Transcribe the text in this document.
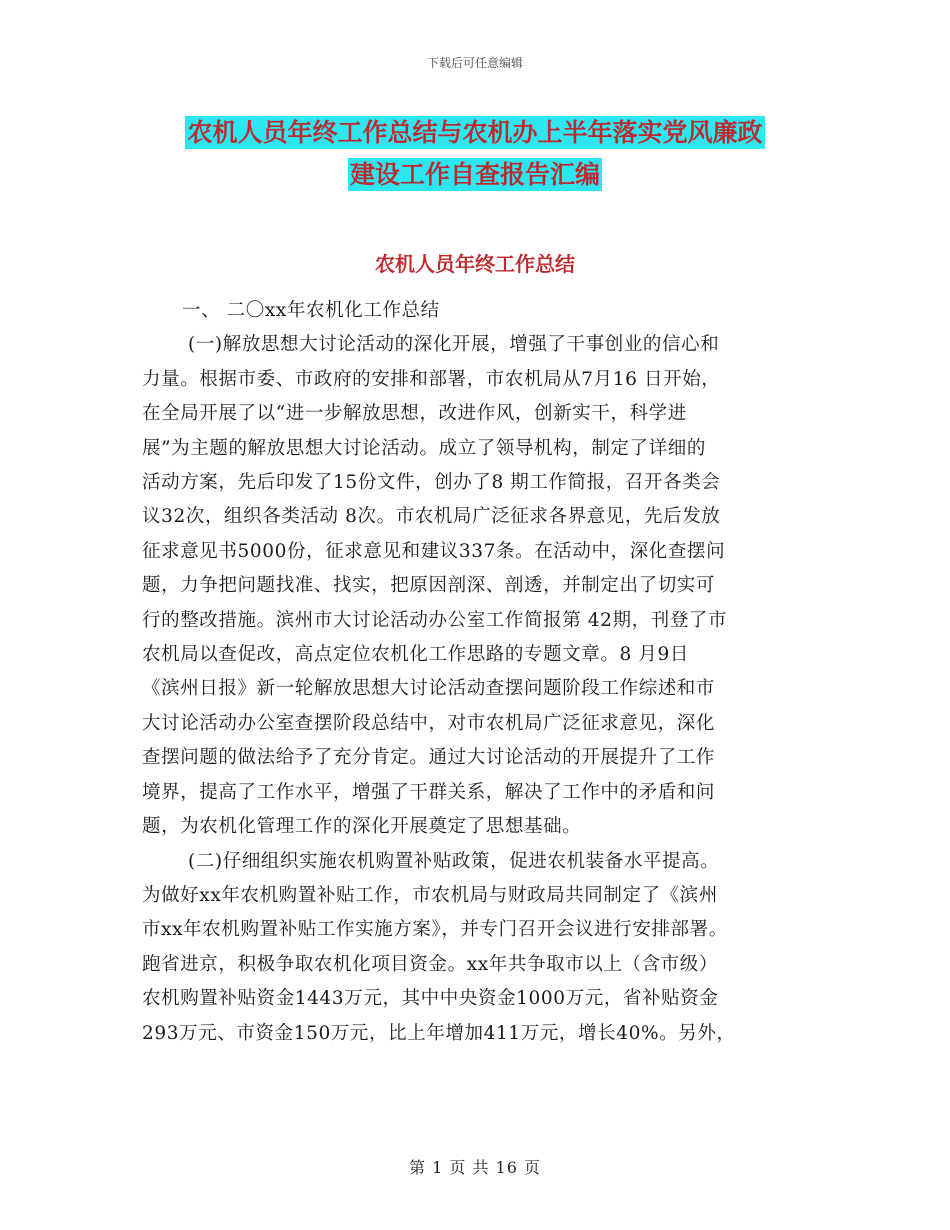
下载后可任意编辑
农机人员年终工作总结与农机办上半年落实党风廉政
建设工作自查报告汇编
农机人员年终工作总结
一、 二〇xx年农机化工作总结
(一)解放思想大讨论活动的深化开展，增强了干事创业的信心和
力量。根据市委、市政府的安排和部署，市农机局从7月16 日开始，
在全局开展了以“进一步解放思想，改进作风，创新实干，科学进
展”为主题的解放思想大讨论活动。成立了领导机构，制定了详细的
活动方案，先后印发了15份文件，创办了8 期工作简报，召开各类会
议32次，组织各类活动 8次。市农机局广泛征求各界意见，先后发放
征求意见书5000份，征求意见和建议337条。在活动中，深化查摆问
题，力争把问题找准、找实，把原因剖深、剖透，并制定出了切实可
行的整改措施。滨州市大讨论活动办公室工作简报第 42期，刊登了市
农机局以查促改，高点定位农机化工作思路的专题文章。8 月9日
《滨州日报》新一轮解放思想大讨论活动查摆问题阶段工作综述和市
大讨论活动办公室查摆阶段总结中，对市农机局广泛征求意见，深化
查摆问题的做法给予了充分肯定。通过大讨论活动的开展提升了工作
境界，提高了工作水平，增强了干群关系，解决了工作中的矛盾和问
题，为农机化管理工作的深化开展奠定了思想基础。
(二)仔细组织实施农机购置补贴政策，促进农机装备水平提高。
为做好xx年农机购置补贴工作，市农机局与财政局共同制定了《滨州
市xx年农机购置补贴工作实施方案》，并专门召开会议进行安排部署。
跑省进京，积极争取农机化项目资金。xx年共争取市以上（含市级）
农机购置补贴资金1443万元，其中中央资金1000万元，省补贴资金
293万元、市资金150万元，比上年增加411万元，增长40%。另外，
第 1 页 共 16 页
